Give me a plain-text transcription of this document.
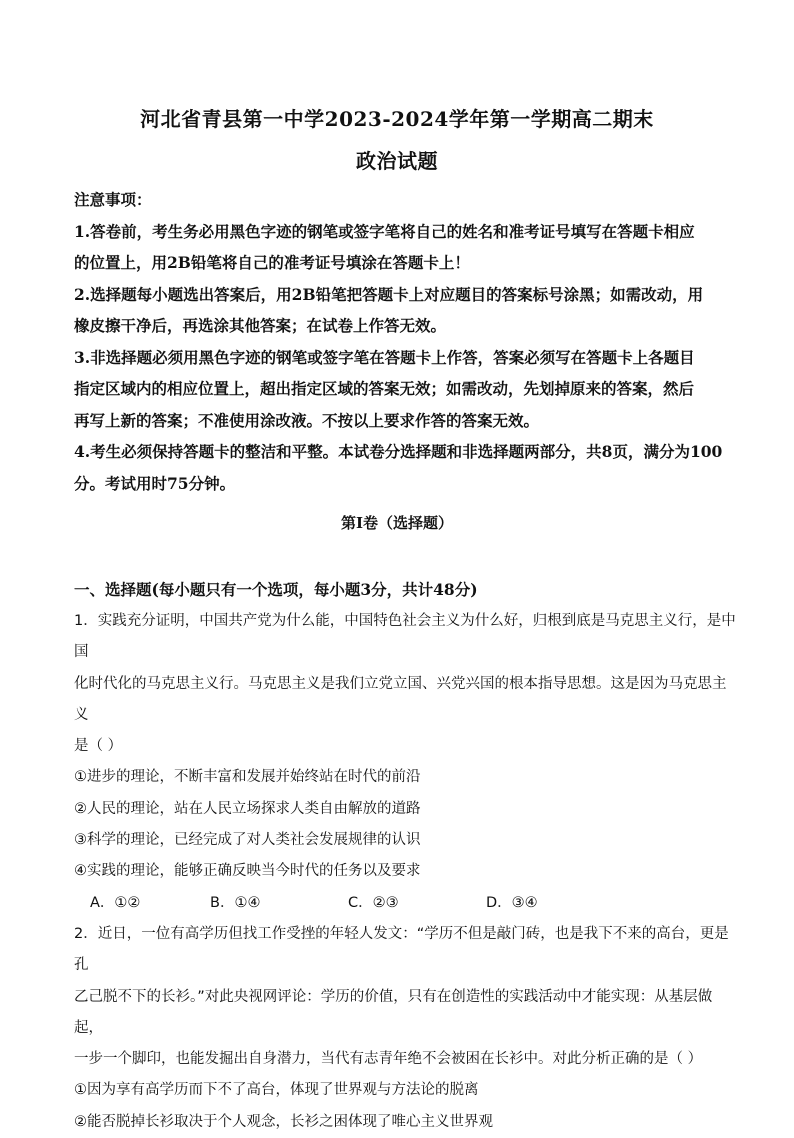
河北省青县第一中学2023-2024学年第一学期高二期末
政治试题

注意事项：

1.答卷前，考生务必用黑色字迹的钢笔或签字笔将自己的姓名和准考证号填写在答题卡相应

的位置上，用2B铅笔将自己的准考证号填涂在答题卡上！

2.选择题每小题选出答案后，用2B铅笔把答题卡上对应题目的答案标号涂黑；如需改动，用

橡皮擦干净后，再选涂其他答案；在试卷上作答无效。

3.非选择题必须用黑色字迹的钢笔或签字笔在答题卡上作答，答案必须写在答题卡上各题目

指定区域内的相应位置上，超出指定区域的答案无效；如需改动，先划掉原来的答案，然后

再写上新的答案；不准使用涂改液。不按以上要求作答的答案无效。

4.考生必须保持答题卡的整洁和平整。本试卷分选择题和非选择题两部分，共8页，满分为100

分。考试用时75分钟。

第I卷（选择题）
一、选择题(每小题只有一个选项，每小题3分，共计48分)

1．实践充分证明，中国共产党为什么能，中国特色社会主义为什么好，归根到底是马克思主义行，是中国

化时代化的马克思主义行。马克思主义是我们立党立国、兴党兴国的根本指导思想。这是因为马克思主义

是（ ）

①进步的理论，不断丰富和发展并始终站在时代的前沿

②人民的理论，站在人民立场探求人类自由解放的道路

③科学的理论，已经完成了对人类社会发展规律的认识

④实践的理论，能够正确反映当今时代的任务以及要求

A．①②	B．①④	C．②③	D．③④

2．近日，一位有高学历但找工作受挫的年轻人发文：“学历不但是敲门砖，也是我下不来的高台，更是孔

乙己脱不下的长衫。”对此央视网评论：学历的价值，只有在创造性的实践活动中才能实现：从基层做起，

一步一个脚印，也能发掘出自身潜力，当代有志青年绝不会被困在长衫中。对此分析正确的是（ ）

①因为享有高学历而下不了高台，体现了世界观与方法论的脱离

②能否脱掉长衫取决于个人观念，长衫之困体现了唯心主义世界观
